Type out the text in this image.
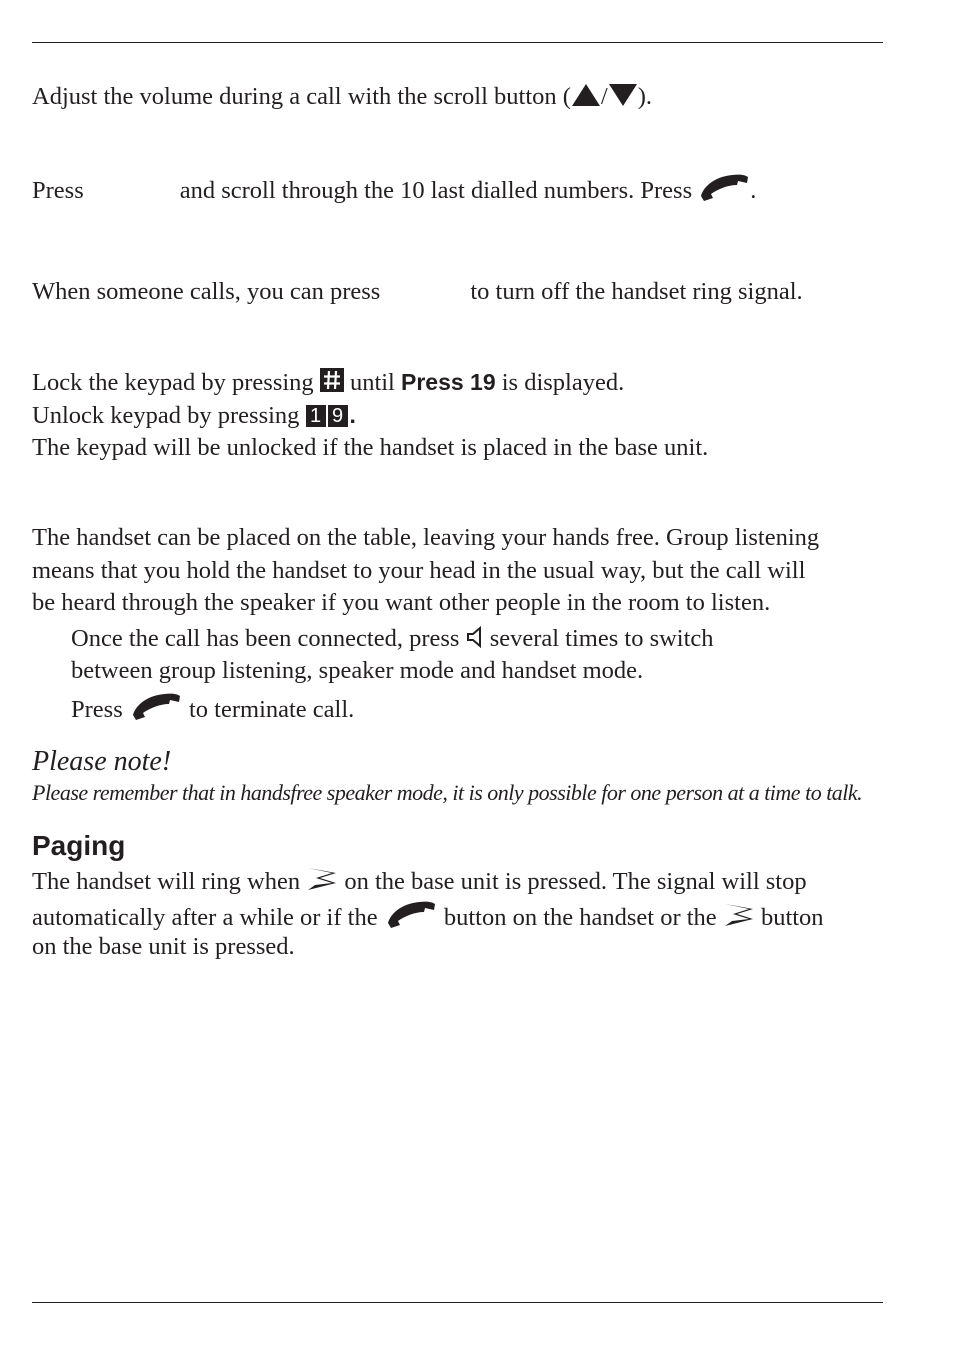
Adjust the volume during a call with the scroll button ( / ).
Press	and scroll through the 10 last dialled numbers. Press .
When someone calls, you can press	to turn off the handset ring signal.
Lock the keypad by pressing until Press 19 is displayed.
Unlock keypad by pressing 1 9 .
The keypad will be unlocked if the handset is placed in the base unit.
The handset can be placed on the table, leaving your hands free. Group listening
means that you hold the handset to your head in the usual way, but the call will
be heard through the speaker if you want other people in the room to listen.
Once the call has been connected, press several times to switch
between group listening, speaker mode and handset mode.
Press	to terminate call.
Please note!
Please remember that in handsfree speaker mode, it is only possible for one person at a time to talk.
Paging
The handset will ring when on the base unit is pressed. The signal will stop
automatically after a while or if the	button on the handset or the button
on the base unit is pressed.
